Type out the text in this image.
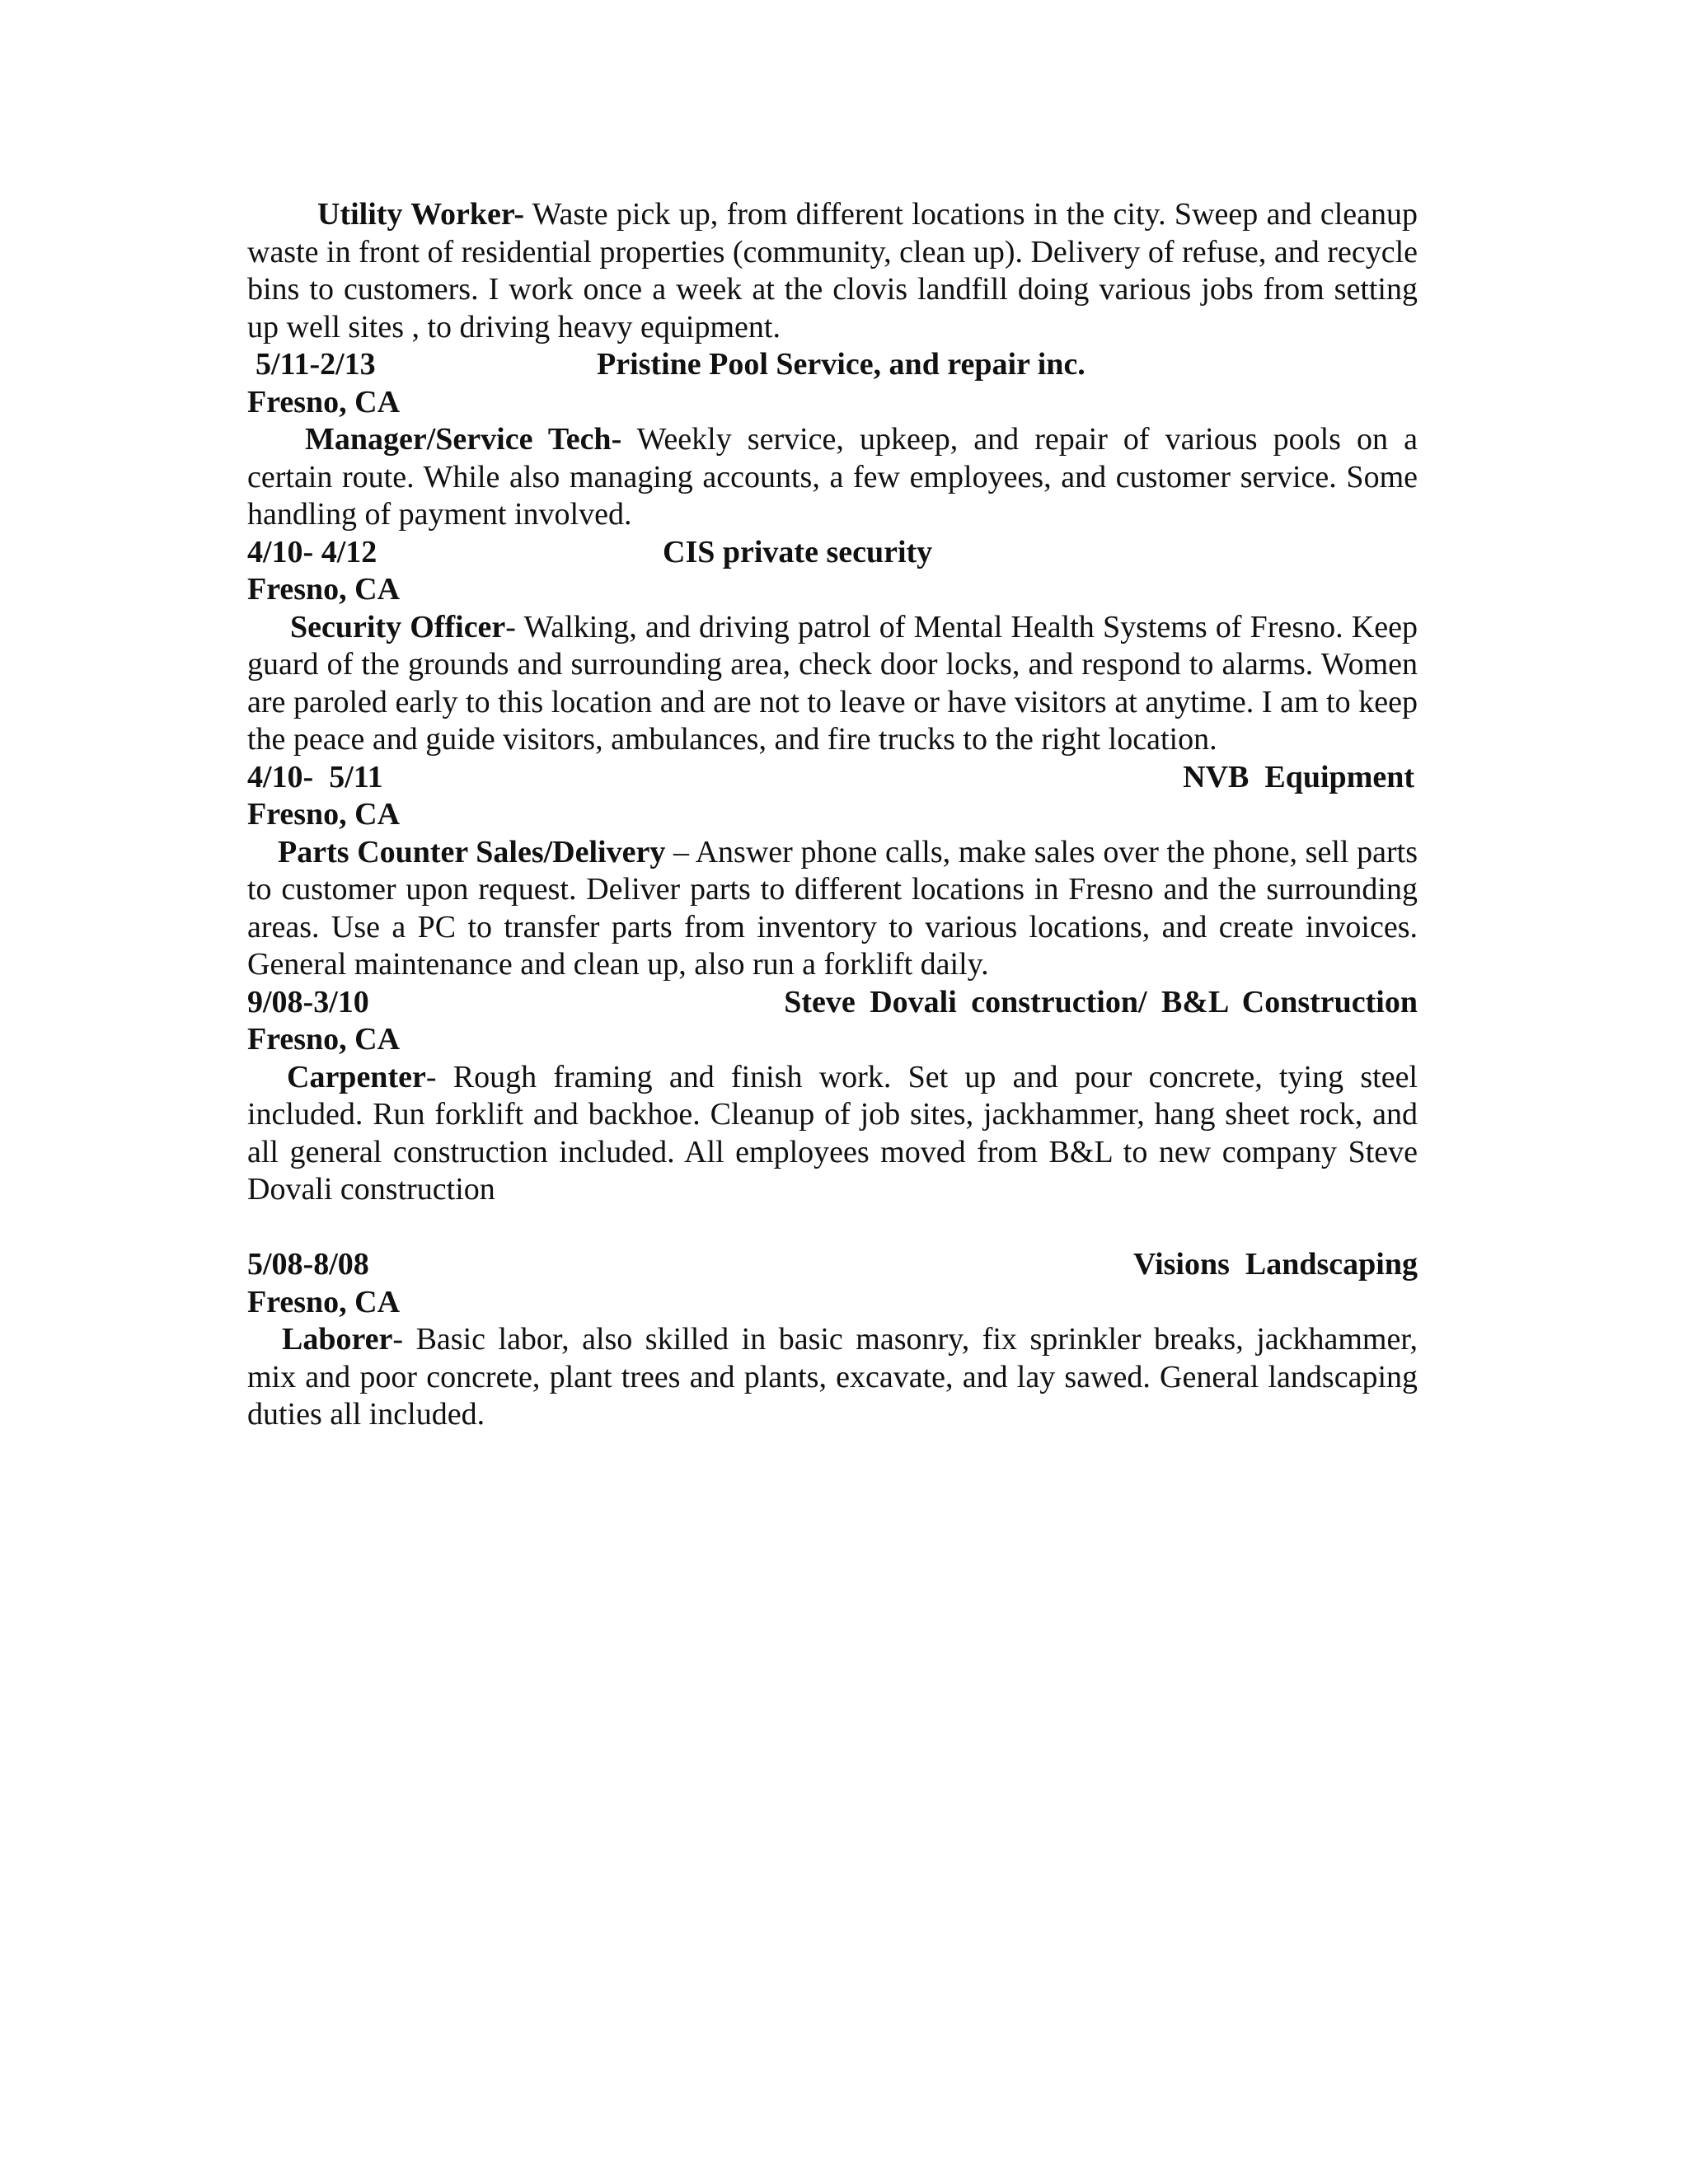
Utility Worker- Waste pick up, from different locations in the city. Sweep and cleanup waste in front of residential properties (community, clean up). Delivery of refuse, and recycle bins to customers. I work once a week at the clovis landfill doing various jobs from setting up well sites , to driving heavy equipment.

5/11-2/13	Pristine Pool Service, and repair inc.

Fresno, CA

Manager/Service Tech- Weekly service, upkeep, and repair of various pools on a certain route. While also managing accounts, a few employees, and customer service. Some handling of payment involved.

4/10- 4/12	CIS private security

Fresno, CA

Security Officer- Walking, and driving patrol of Mental Health Systems of Fresno. Keep guard of the grounds and surrounding area, check door locks, and respond to alarms. Women are paroled early to this location and are not to leave or have visitors at anytime. I am to keep the peace and guide visitors, ambulances, and fire trucks to the right location.

4/10-  5/11	NVB  Equipment

Fresno, CA

Parts Counter Sales/Delivery – Answer phone calls, make sales over the phone, sell parts to customer upon request. Deliver parts to different locations in Fresno and the surrounding areas. Use a PC to transfer parts from inventory to various locations, and create invoices. General maintenance and clean up, also run a forklift daily.

9/08-3/10	Steve Dovali construction/ B&L Construction

Fresno, CA

Carpenter- Rough framing and finish work. Set up and pour concrete, tying steel included. Run forklift and backhoe. Cleanup of job sites, jackhammer, hang sheet rock, and all general construction included. All employees moved from B&L to new company Steve Dovali construction

5/08-8/08	Visions  Landscaping

Fresno, CA

Laborer- Basic labor, also skilled in basic masonry, fix sprinkler breaks, jackhammer, mix and poor concrete, plant trees and plants, excavate, and lay sawed. General landscaping duties all included.
